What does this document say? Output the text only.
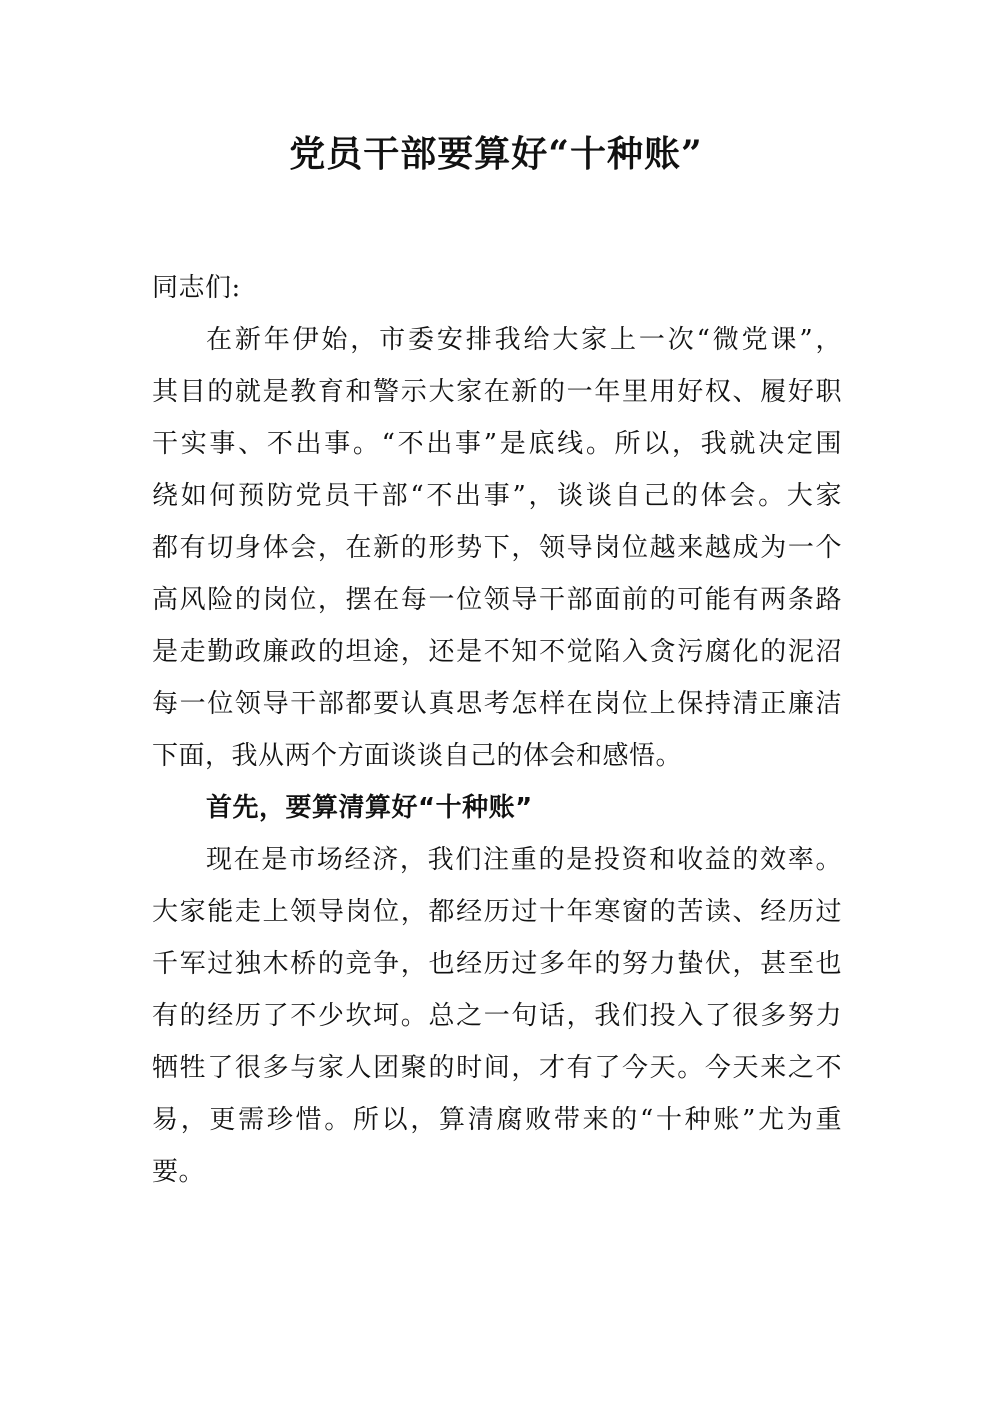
党员干部要算好“十种账”
同志们:
在新年伊始，市委安排我给大家上一次“微党课”，
其目的就是教育和警示大家在新的一年里用好权、履好职
干实事、不出事。“不出事”是底线。所以，我就决定围
绕如何预防党员干部“不出事”，谈谈自己的体会。大家
都有切身体会，在新的形势下，领导岗位越来越成为一个
高风险的岗位，摆在每一位领导干部面前的可能有两条路
是走勤政廉政的坦途，还是不知不觉陷入贪污腐化的泥沼
每一位领导干部都要认真思考怎样在岗位上保持清正廉洁
下面，我从两个方面谈谈自己的体会和感悟。
首先，要算清算好“十种账”
现在是市场经济，我们注重的是投资和收益的效率。
大家能走上领导岗位，都经历过十年寒窗的苦读、经历过
千军过独木桥的竞争，也经历过多年的努力蛰伏，甚至也
有的经历了不少坎坷。总之一句话，我们投入了很多努力
牺牲了很多与家人团聚的时间，才有了今天。今天来之不
易，更需珍惜。所以，算清腐败带来的“十种账”尤为重
要。
